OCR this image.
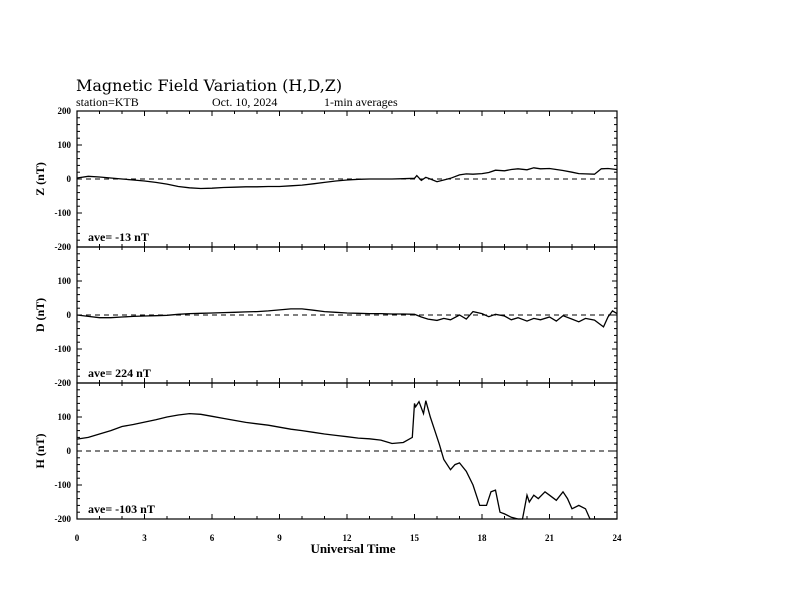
Magnetic Field Variation (H,D,Z)
station=KTB	Oct. 10, 2024	1-min averages
-200
-100
0
100
200
Z (nT)
ave= -13 nT
-200
-100
0
100
D (nT)
ave= 224 nT
-200
-100
0
100
H (nT)
ave= -103 nT
0	3	6	9	12	15	18	21	24
Universal Time
